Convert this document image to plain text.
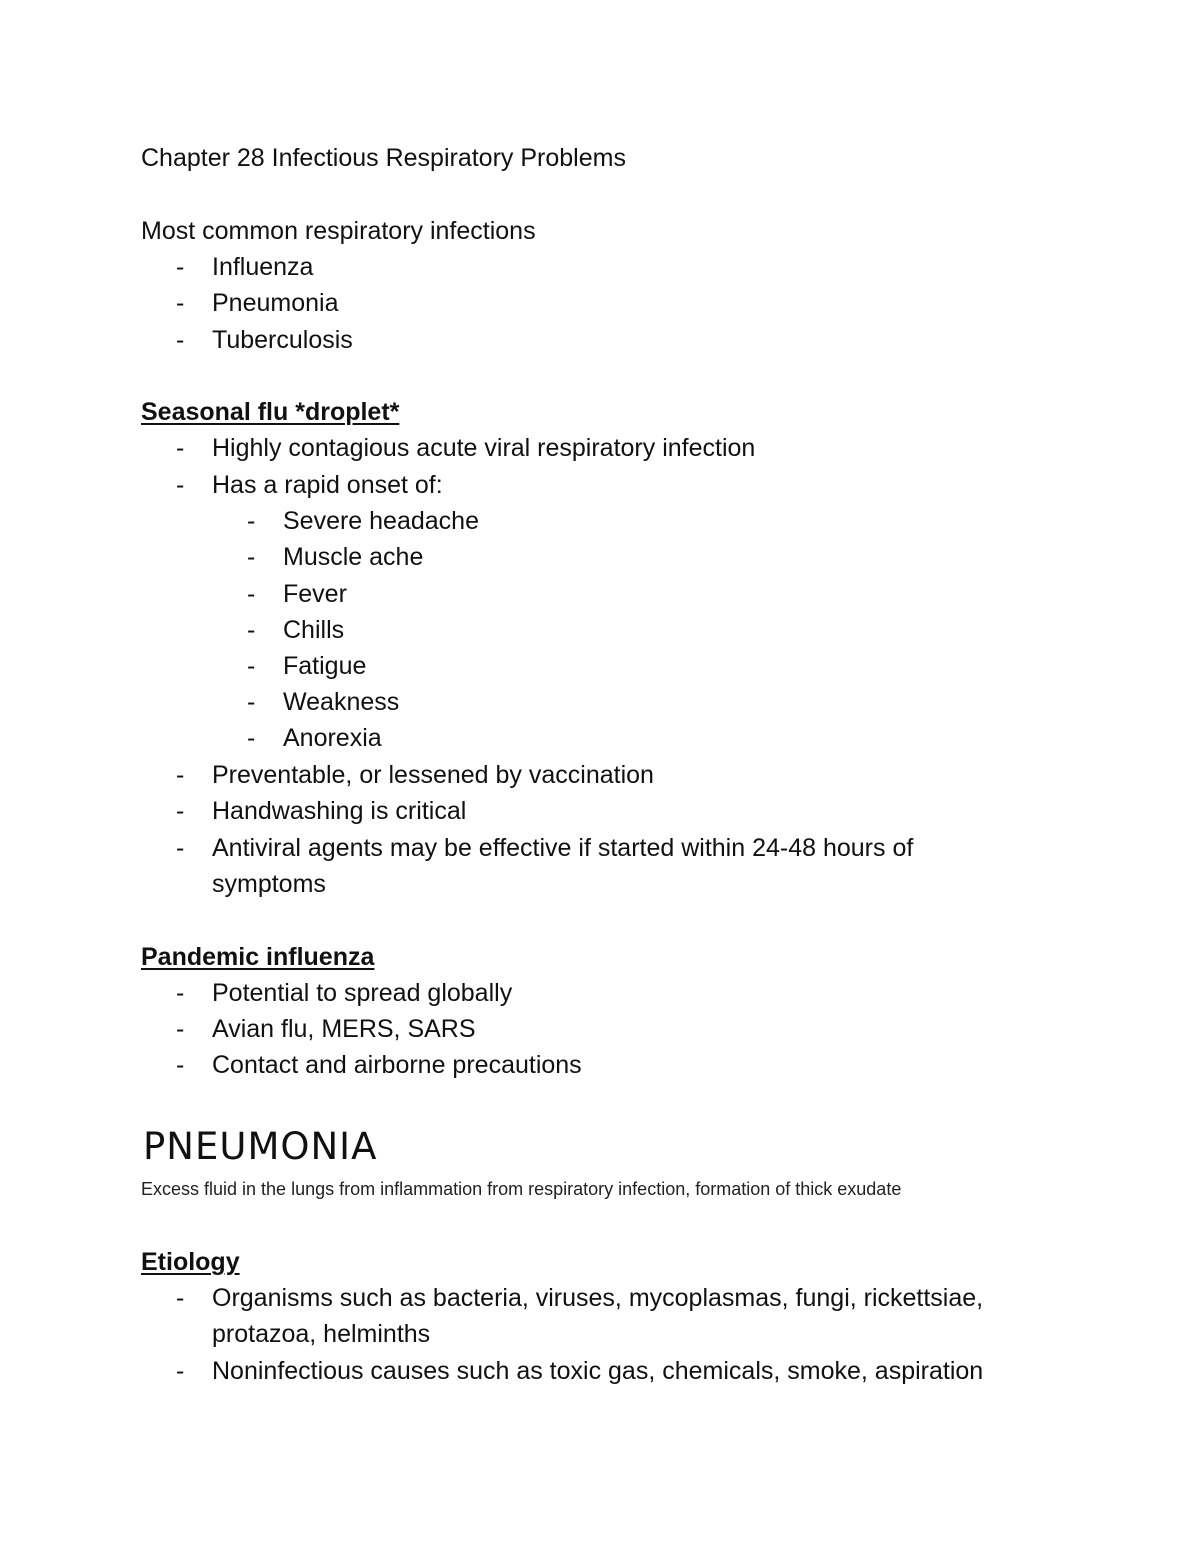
Chapter 28 Infectious Respiratory Problems
Most common respiratory infections
- Influenza
- Pneumonia
- Tuberculosis
Seasonal flu *droplet*
- Highly contagious acute viral respiratory infection
- Has a rapid onset of:
- Severe headache
- Muscle ache
- Fever
- Chills
- Fatigue
- Weakness
- Anorexia
- Preventable, or lessened by vaccination
- Handwashing is critical
- Antiviral agents may be effective if started within 24-48 hours of
symptoms
Pandemic influenza
- Potential to spread globally
- Avian flu, MERS, SARS
- Contact and airborne precautions
PNEUMONIA
Excess fluid in the lungs from inflammation from respiratory infection, formation of thick exudate
Etiology
- Organisms such as bacteria, viruses, mycoplasmas, fungi, rickettsiae,
protazoa, helminths
- Noninfectious causes such as toxic gas, chemicals, smoke, aspiration
